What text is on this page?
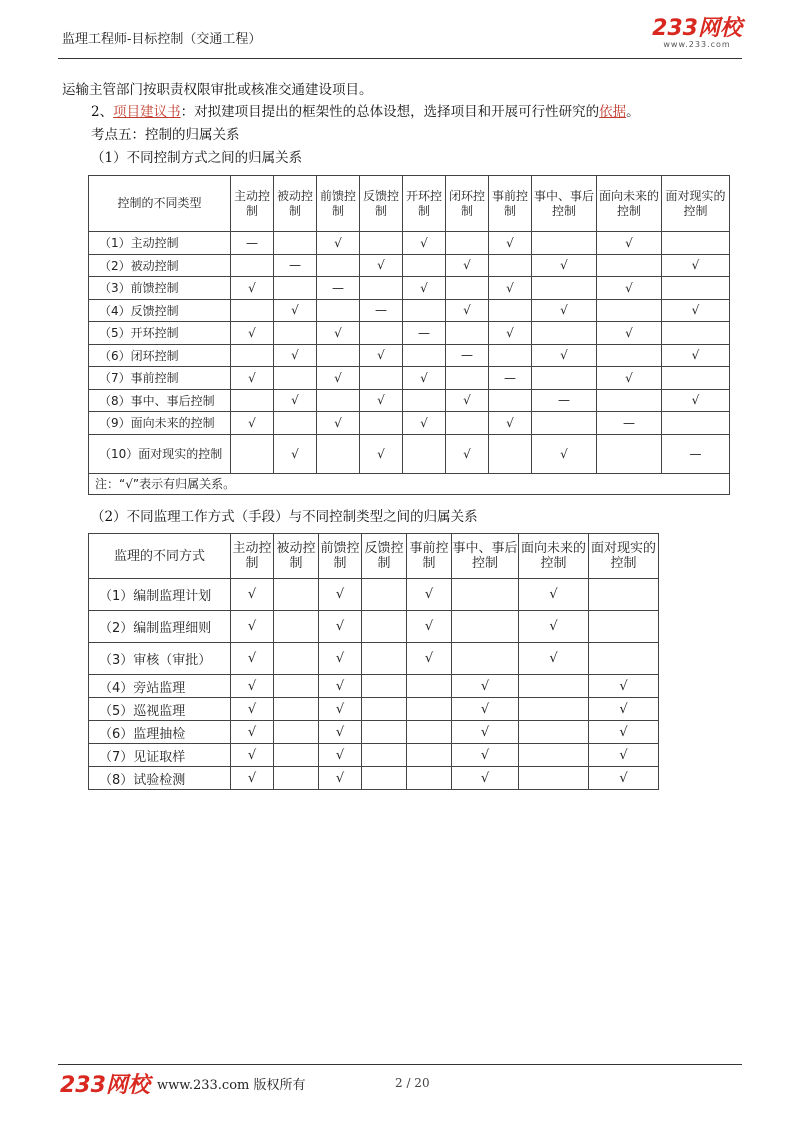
监理工程师-目标控制（交通工程）	233网校
www.233.com
运输主管部门按职责权限审批或核准交通建设项目。
2、项目建议书：对拟建项目提出的框架性的总体设想，选择项目和开展可行性研究的依据。
考点五：控制的归属关系
（1）不同控制方式之间的归属关系
控制的不同类型	主动控制	被动控制	前馈控制	反馈控制	开环控制	闭环控制	事前控制	事中、事后控制	面向未来的控制	面对现实的控制
（1）主动控制	—		√		√		√		√	
（2）被动控制		—		√		√		√		√
（3）前馈控制	√		—		√		√		√	
（4）反馈控制		√		—		√		√		√
（5）开环控制	√		√		—		√		√	
（6）闭环控制		√		√		—		√		√
（7）事前控制	√		√		√		—		√	
（8）事中、事后控制		√		√		√		—		√
（9）面向未来的控制	√		√		√		√		—	
（10）面对现实的控制		√		√		√		√		—
注：“√”表示有归属关系。										
（2）不同监理工作方式（手段）与不同控制类型之间的归属关系
监理的不同方式	主动控制	被动控制	前馈控制	反馈控制	事前控制	事中、事后控制	面向未来的控制	面对现实的控制
（1）编制监理计划	√		√		√		√	
（2）编制监理细则	√		√		√		√	
（3）审核（审批）	√		√		√		√	
（4）旁站监理	√		√			√		√
（5）巡视监理	√		√			√		√
（6）监理抽检	√		√			√		√
（7）见证取样	√		√			√		√
（8）试验检测	√		√			√		√
233网校 www.233.com 版权所有	2 / 20
